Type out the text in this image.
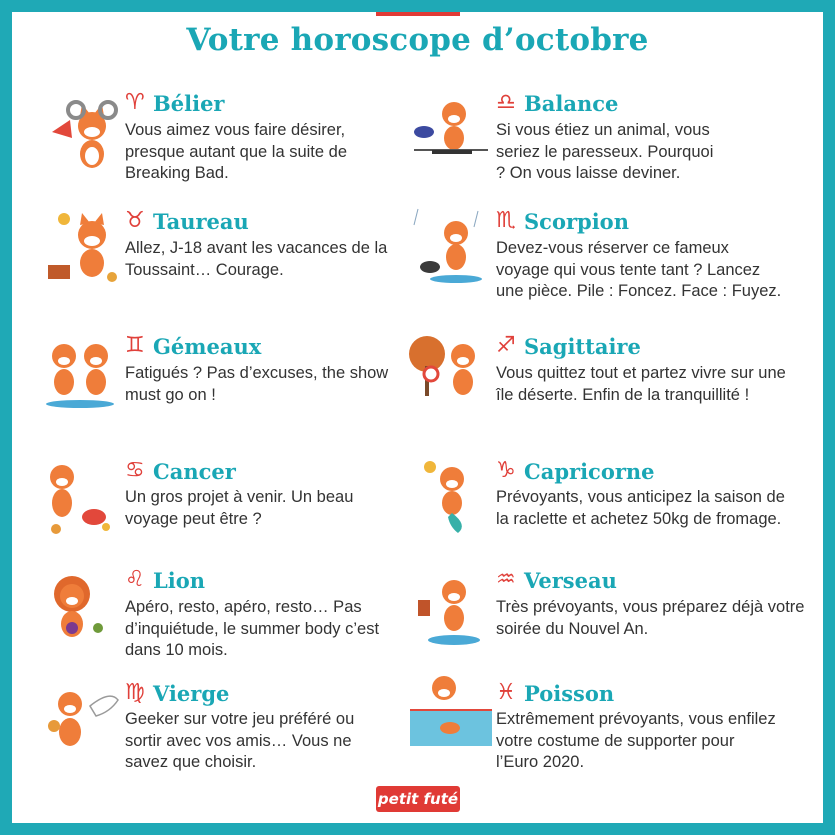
Votre horoscope d’octobre
♈ Bélier
Vous aimez vous faire désirer, presque autant que la suite de Breaking Bad.
♉ Taureau
Allez, J-18 avant les vacances de la Toussaint… Courage.
♊ Gémeaux
Fatigués ? Pas d’excuses, the show must go on !
♋ Cancer
Un gros projet à venir. Un beau voyage peut être ?
♌ Lion
Apéro, resto, apéro, resto… Pas d’inquiétude, le summer body c’est dans 10 mois.
♍ Vierge
Geeker sur votre jeu préféré ou sortir avec vos amis… Vous ne savez que choisir.
♎ Balance
Si vous étiez un animal, vous seriez le paresseux. Pourquoi ? On vous laisse deviner.
♏ Scorpion
Devez-vous réserver ce fameux voyage qui vous tente tant ? Lancez une pièce. Pile : Foncez. Face : Fuyez.
♐ Sagittaire
Vous quittez tout et partez vivre sur une île déserte. Enfin de la tranquillité !
♑ Capricorne
Prévoyants, vous anticipez la saison de la raclette et achetez 50kg de fromage.
♒ Verseau
Très prévoyants, vous préparez déjà votre soirée du Nouvel An.
♓ Poisson
Extrêmement prévoyants, vous enfilez votre costume de supporter pour l’Euro 2020.
petit futé
